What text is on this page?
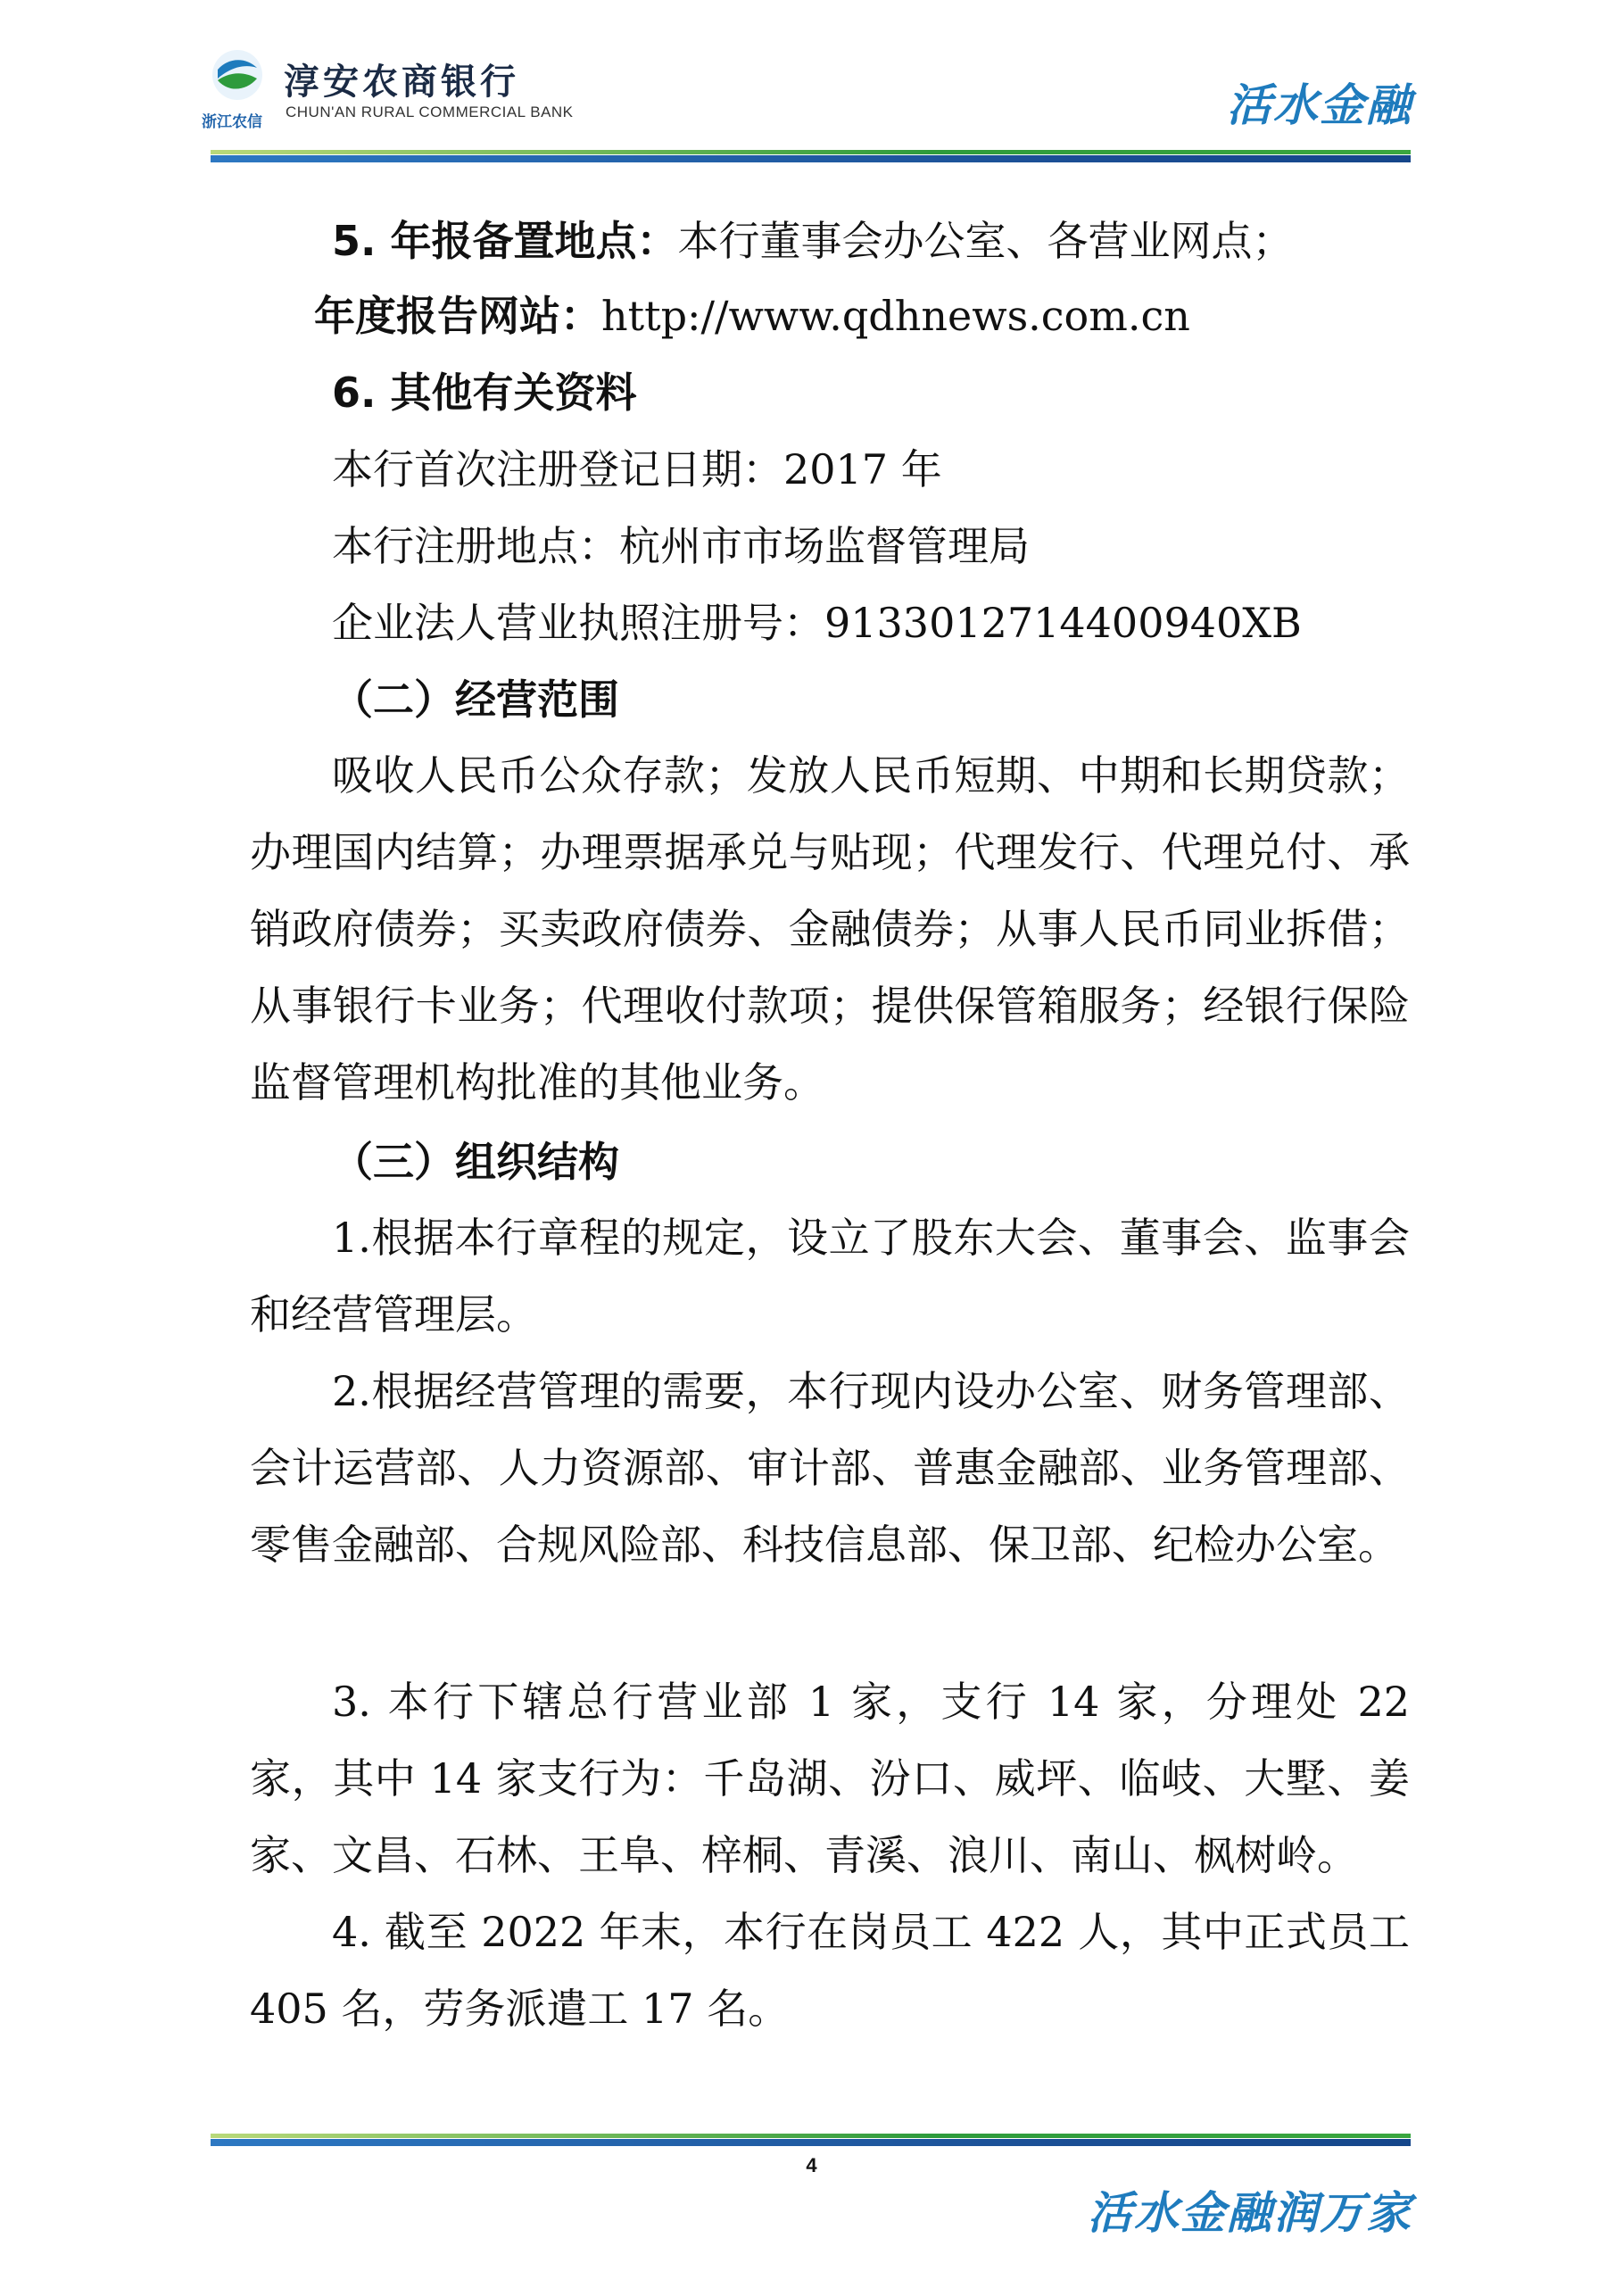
浙江农信
淳安农商银行
CHUN'AN RURAL COMMERCIAL BANK	活水金融
5. 年报备置地点：本行董事会办公室、各营业网点；
年度报告网站：http://www.qdhnews.com.cn
6. 其他有关资料
本行首次注册登记日期：2017 年
本行注册地点：杭州市市场监督管理局
企业法人营业执照注册号：9133012714400940XB
（二）经营范围
吸收人民币公众存款；发放人民币短期、中期和长期贷款；办理国内结算；办理票据承兑与贴现；代理发行、代理兑付、承销政府债券；买卖政府债券、金融债券；从事人民币同业拆借；从事银行卡业务；代理收付款项；提供保管箱服务；经银行保险监督管理机构批准的其他业务。
（三）组织结构
1.根据本行章程的规定，设立了股东大会、董事会、监事会和经营管理层。
2.根据经营管理的需要，本行现内设办公室、财务管理部、会计运营部、人力资源部、审计部、普惠金融部、业务管理部、零售金融部、合规风险部、科技信息部、保卫部、纪检办公室。
3. 本行下辖总行营业部 1 家，支行 14 家，分理处 22 家，其中 14 家支行为：千岛湖、汾口、威坪、临岐、大墅、姜家、文昌、石林、王阜、梓桐、青溪、浪川、南山、枫树岭。
4. 截至 2022 年末，本行在岗员工 422 人，其中正式员工 405 名，劳务派遣工 17 名。
4
活水金融润万家
